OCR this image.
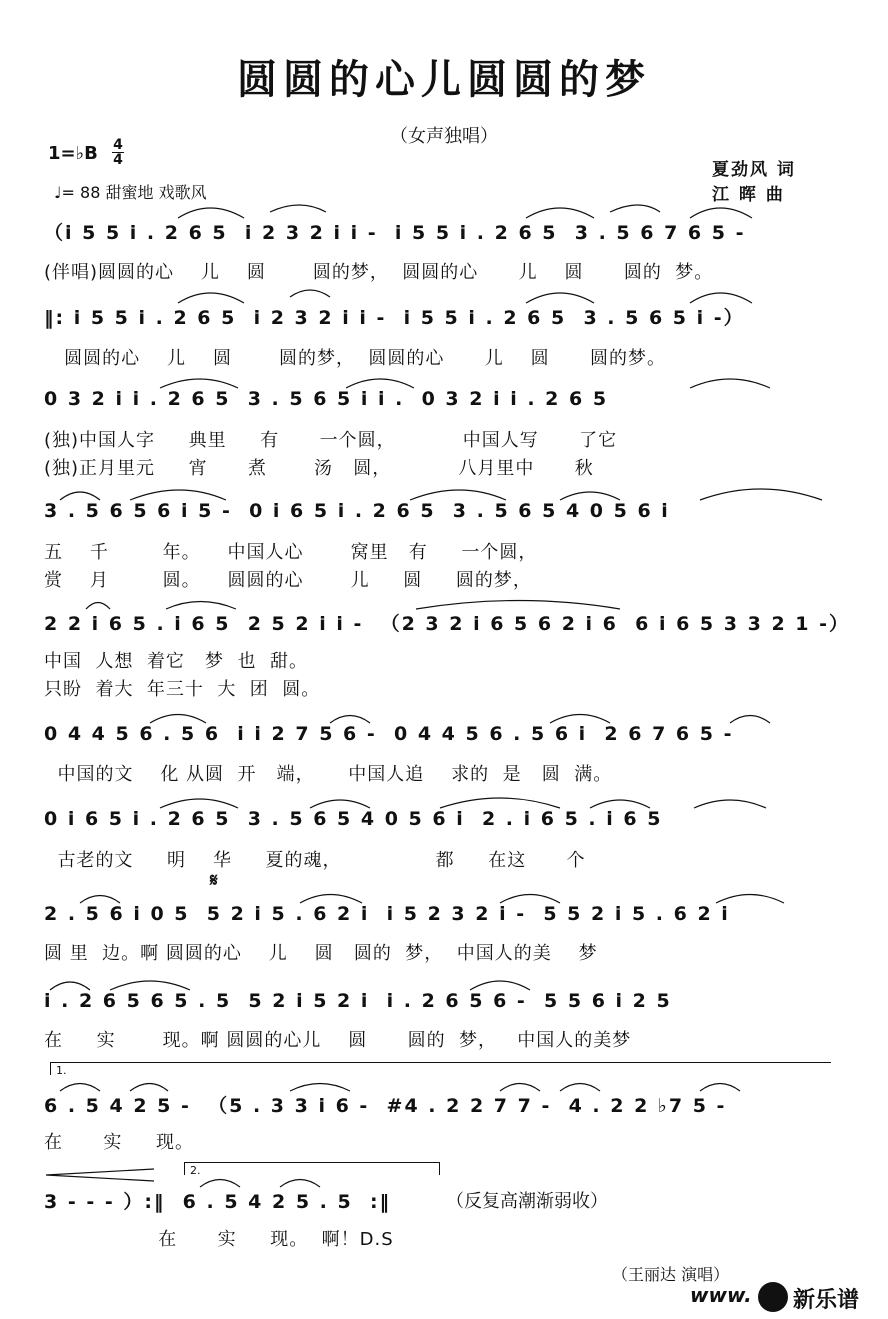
圆圆的心儿圆圆的梦
（女声独唱）
1=♭B 4
4
♩= 88 甜蜜地 戏歌风
夏劲风 词
江 晖 曲
（i 5 5 i . 2 6 5  i 2 3 2 i i -  i 5 5 i . 2 6 5  3 . 5 6 7 6 5 -
(伴唱)圆圆的心    儿    圆       圆的梦，  圆圆的心      儿    圆      圆的  梦。
‖: i 5 5 i . 2 6 5  i 2 3 2 i i -  i 5 5 i . 2 6 5  3 . 5 6 5 i -）
圆圆的心    儿    圆       圆的梦，  圆圆的心      儿    圆      圆的梦。
0 3 2 i i . 2 6 5  3 . 5 6 5 i i .  0 3 2 i i . 2 6 5
(独)中国人字     典里     有      一个圆，          中国人写      了它
(独)正月里元     宵      煮       汤   圆，          八月里中      秋
3 . 5 6 5 6 i 5 -  0 i 6 5 i . 2 6 5  3 . 5 6 5 4 0 5 6 i
五    千        年。    中国人心       窝里   有     一个圆，
赏    月        圆。    圆圆的心       儿     圆     圆的梦，
2 2 i 6 5 . i 6 5  2 5 2 i i -  （2 3 2 i 6 5 6 2 i 6  6 i 6 5 3 3 2 1 -）
中国  人想  着它   梦  也  甜。
只盼  着大  年三十  大  团  圆。
0 4 4 5 6 . 5 6  i i 2 7 5 6 -  0 4 4 5 6 . 5 6 i  2 6 7 6 5 -
中国的文    化 从圆  开   端，     中国人追    求的  是   圆  满。
0 i 6 5 i . 2 6 5  3 . 5 6 5 4 0 5 6 i  2 . i 6 5 . i 6 5
古老的文     明    华     夏的魂，              都     在这      个
𝄋
2 . 5 6 i 0 5  5 2 i 5 . 6 2 i  i 5 2 3 2 i -  5 5 2 i 5 . 6 2 i
圆 里  边。啊 圆圆的心    儿    圆   圆的  梦，  中国人的美    梦
i . 2 6 5 6 5 . 5  5 2 i 5 2 i  i . 2 6 5 6 -  5 5 6 i 2 5
在     实       现。啊 圆圆的心儿    圆      圆的  梦，   中国人的美梦
1.
6 . 5 4 2 5 -  （5 . 3 3 i 6 -  #4 . 2 2 7 7 -  4 . 2 2 ♭7 5 -
在      实     现。
2.
3 - - - ）:‖  6 . 5 4 2 5 . 5  :‖	（反复高潮渐弱收）
在      实     现。  啊！D.S
（王丽达 演唱）
www. 新乐谱
